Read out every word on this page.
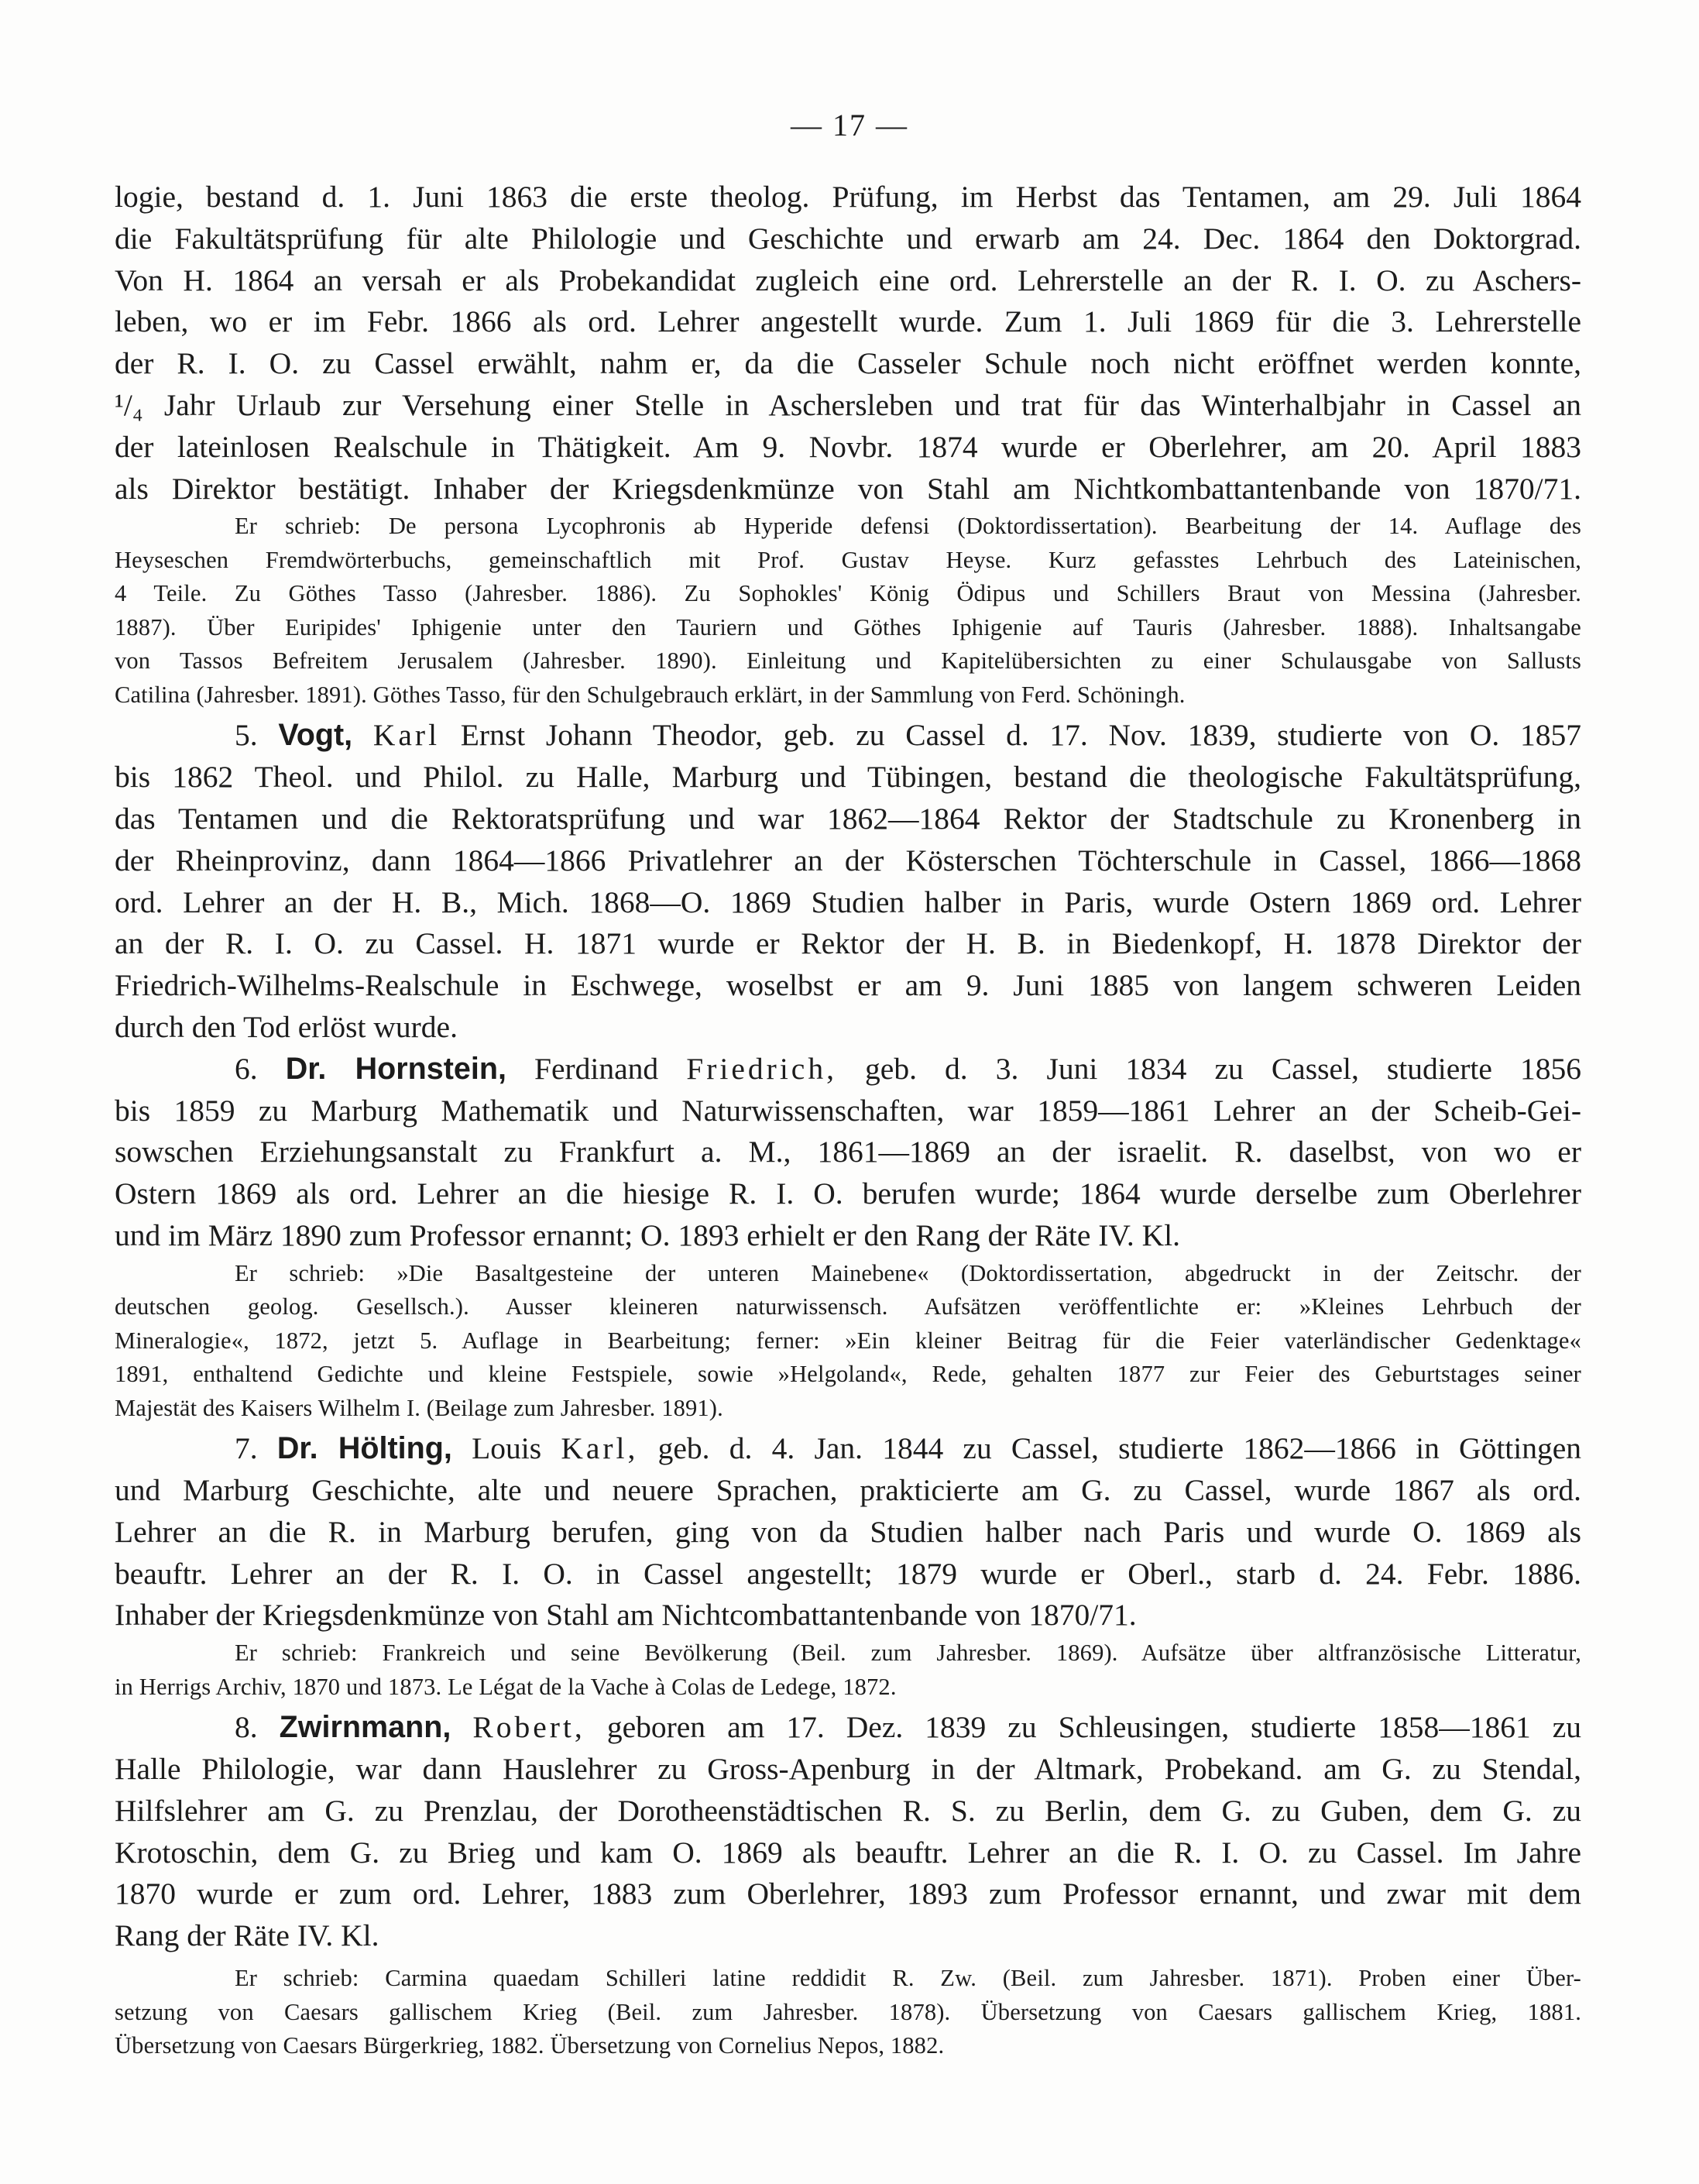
— 17 —
logie, bestand d. 1. Juni 1863 die erste theolog. Prüfung, im Herbst das Tentamen, am 29. Juli 1864
die Fakultätsprüfung für alte Philologie und Geschichte und erwarb am 24. Dec. 1864 den Doktorgrad.
Von H. 1864 an versah er als Probekandidat zugleich eine ord. Lehrerstelle an der R. I. O. zu Aschers-
leben, wo er im Febr. 1866 als ord. Lehrer angestellt wurde. Zum 1. Juli 1869 für die 3. Lehrerstelle
der R. I. O. zu Cassel erwählt, nahm er, da die Casseler Schule noch nicht eröffnet werden konnte,
¹/₄ Jahr Urlaub zur Versehung einer Stelle in Aschersleben und trat für das Winterhalbjahr in Cassel an
der lateinlosen Realschule in Thätigkeit. Am 9. Novbr. 1874 wurde er Oberlehrer, am 20. April 1883
als Direktor bestätigt. Inhaber der Kriegsdenkmünze von Stahl am Nichtkombattantenbande von 1870/71.
Er schrieb: De persona Lycophronis ab Hyperide defensi (Doktordissertation). Bearbeitung der 14. Auflage des
Heyseschen Fremdwörterbuchs, gemeinschaftlich mit Prof. Gustav Heyse. Kurz gefasstes Lehrbuch des Lateinischen,
4 Teile. Zu Göthes Tasso (Jahresber. 1886). Zu Sophokles' König Ödipus und Schillers Braut von Messina (Jahresber.
1887). Über Euripides' Iphigenie unter den Tauriern und Göthes Iphigenie auf Tauris (Jahresber. 1888). Inhaltsangabe
von Tassos Befreitem Jerusalem (Jahresber. 1890). Einleitung und Kapitelübersichten zu einer Schulausgabe von Sallusts
Catilina (Jahresber. 1891). Göthes Tasso, für den Schulgebrauch erklärt, in der Sammlung von Ferd. Schöningh.
5. Vogt, Karl Ernst Johann Theodor, geb. zu Cassel d. 17. Nov. 1839, studierte von O. 1857
bis 1862 Theol. und Philol. zu Halle, Marburg und Tübingen, bestand die theologische Fakultätsprüfung,
das Tentamen und die Rektoratsprüfung und war 1862—1864 Rektor der Stadtschule zu Kronenberg in
der Rheinprovinz, dann 1864—1866 Privatlehrer an der Kösterschen Töchterschule in Cassel, 1866—1868
ord. Lehrer an der H. B., Mich. 1868—O. 1869 Studien halber in Paris, wurde Ostern 1869 ord. Lehrer
an der R. I. O. zu Cassel. H. 1871 wurde er Rektor der H. B. in Biedenkopf, H. 1878 Direktor der
Friedrich-Wilhelms-Realschule in Eschwege, woselbst er am 9. Juni 1885 von langem schweren Leiden
durch den Tod erlöst wurde.
6. Dr. Hornstein, Ferdinand Friedrich, geb. d. 3. Juni 1834 zu Cassel, studierte 1856
bis 1859 zu Marburg Mathematik und Naturwissenschaften, war 1859—1861 Lehrer an der Scheib-Gei-
sowschen Erziehungsanstalt zu Frankfurt a. M., 1861—1869 an der israelit. R. daselbst, von wo er
Ostern 1869 als ord. Lehrer an die hiesige R. I. O. berufen wurde; 1864 wurde derselbe zum Oberlehrer
und im März 1890 zum Professor ernannt; O. 1893 erhielt er den Rang der Räte IV. Kl.
Er schrieb: »Die Basaltgesteine der unteren Mainebene« (Doktordissertation, abgedruckt in der Zeitschr. der
deutschen geolog. Gesellsch.). Ausser kleineren naturwissensch. Aufsätzen veröffentlichte er: »Kleines Lehrbuch der
Mineralogie«, 1872, jetzt 5. Auflage in Bearbeitung; ferner: »Ein kleiner Beitrag für die Feier vaterländischer Gedenktage«
1891, enthaltend Gedichte und kleine Festspiele, sowie »Helgoland«, Rede, gehalten 1877 zur Feier des Geburtstages seiner
Majestät des Kaisers Wilhelm I. (Beilage zum Jahresber. 1891).
7. Dr. Hölting, Louis Karl, geb. d. 4. Jan. 1844 zu Cassel, studierte 1862—1866 in Göttingen
und Marburg Geschichte, alte und neuere Sprachen, prakticierte am G. zu Cassel, wurde 1867 als ord.
Lehrer an die R. in Marburg berufen, ging von da Studien halber nach Paris und wurde O. 1869 als
beauftr. Lehrer an der R. I. O. in Cassel angestellt; 1879 wurde er Oberl., starb d. 24. Febr. 1886.
Inhaber der Kriegsdenkmünze von Stahl am Nichtcombattantenbande von 1870/71.
Er schrieb: Frankreich und seine Bevölkerung (Beil. zum Jahresber. 1869). Aufsätze über altfranzösische Litteratur,
in Herrigs Archiv, 1870 und 1873. Le Légat de la Vache à Colas de Ledege, 1872.
8. Zwirnmann, Robert, geboren am 17. Dez. 1839 zu Schleusingen, studierte 1858—1861 zu
Halle Philologie, war dann Hauslehrer zu Gross-Apenburg in der Altmark, Probekand. am G. zu Stendal,
Hilfslehrer am G. zu Prenzlau, der Dorotheenstädtischen R. S. zu Berlin, dem G. zu Guben, dem G. zu
Krotoschin, dem G. zu Brieg und kam O. 1869 als beauftr. Lehrer an die R. I. O. zu Cassel. Im Jahre
1870 wurde er zum ord. Lehrer, 1883 zum Oberlehrer, 1893 zum Professor ernannt, und zwar mit dem
Rang der Räte IV. Kl.
Er schrieb: Carmina quaedam Schilleri latine reddidit R. Zw. (Beil. zum Jahresber. 1871). Proben einer Über-
setzung von Caesars gallischem Krieg (Beil. zum Jahresber. 1878). Übersetzung von Caesars gallischem Krieg, 1881.
Übersetzung von Caesars Bürgerkrieg, 1882. Übersetzung von Cornelius Nepos, 1882.
